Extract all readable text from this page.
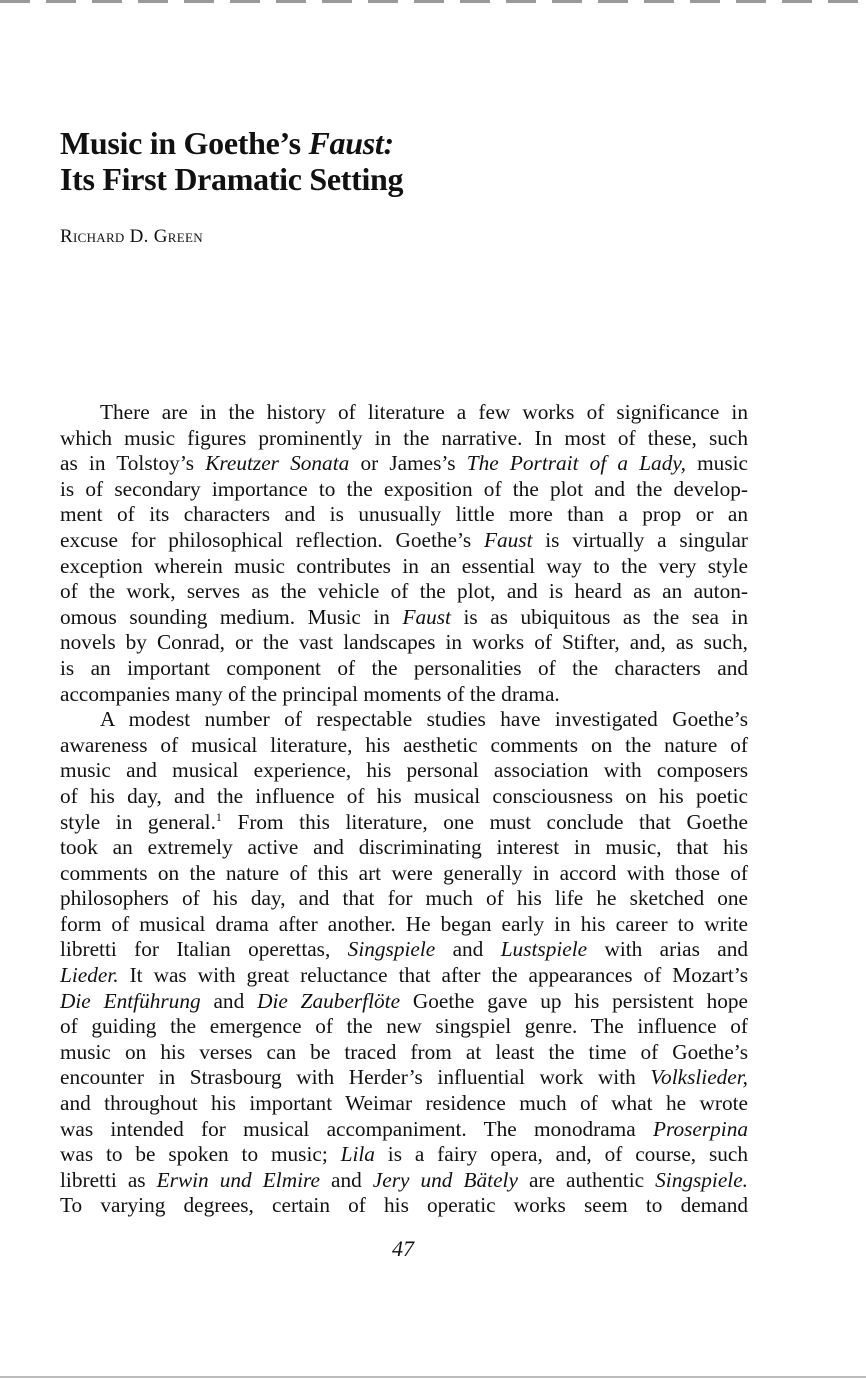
Music in Goethe’s Faust:
Its First Dramatic Setting

Richard D. Green

There are in the history of literature a few works of significance in
which music figures prominently in the narrative. In most of these, such
as in Tolstoy’s Kreutzer Sonata or James’s The Portrait of a Lady, music
is of secondary importance to the exposition of the plot and the develop-
ment of its characters and is unusually little more than a prop or an
excuse for philosophical reflection. Goethe’s Faust is virtually a singular
exception wherein music contributes in an essential way to the very style
of the work, serves as the vehicle of the plot, and is heard as an auton-
omous sounding medium. Music in Faust is as ubiquitous as the sea in
novels by Conrad, or the vast landscapes in works of Stifter, and, as such,
is an important component of the personalities of the characters and
accompanies many of the principal moments of the drama.
A modest number of respectable studies have investigated Goethe’s
awareness of musical literature, his aesthetic comments on the nature of
music and musical experience, his personal association with composers
of his day, and the influence of his musical consciousness on his poetic
style in general.$^1$ From this literature, one must conclude that Goethe
took an extremely active and discriminating interest in music, that his
comments on the nature of this art were generally in accord with those of
philosophers of his day, and that for much of his life he sketched one
form of musical drama after another. He began early in his career to write
libretti for Italian operettas, Singspiele and Lustspiele with arias and
Lieder. It was with great reluctance that after the appearances of Mozart’s
Die Entführung and Die Zauberflöte Goethe gave up his persistent hope
of guiding the emergence of the new singspiel genre. The influence of
music on his verses can be traced from at least the time of Goethe’s
encounter in Strasbourg with Herder’s influential work with Volkslieder,
and throughout his important Weimar residence much of what he wrote
was intended for musical accompaniment. The monodrama Proserpina
was to be spoken to music; Lila is a fairy opera, and, of course, such
libretti as Erwin und Elmire and Jery und Bätely are authentic Singspiele.
To varying degrees, certain of his operatic works seem to demand
47
